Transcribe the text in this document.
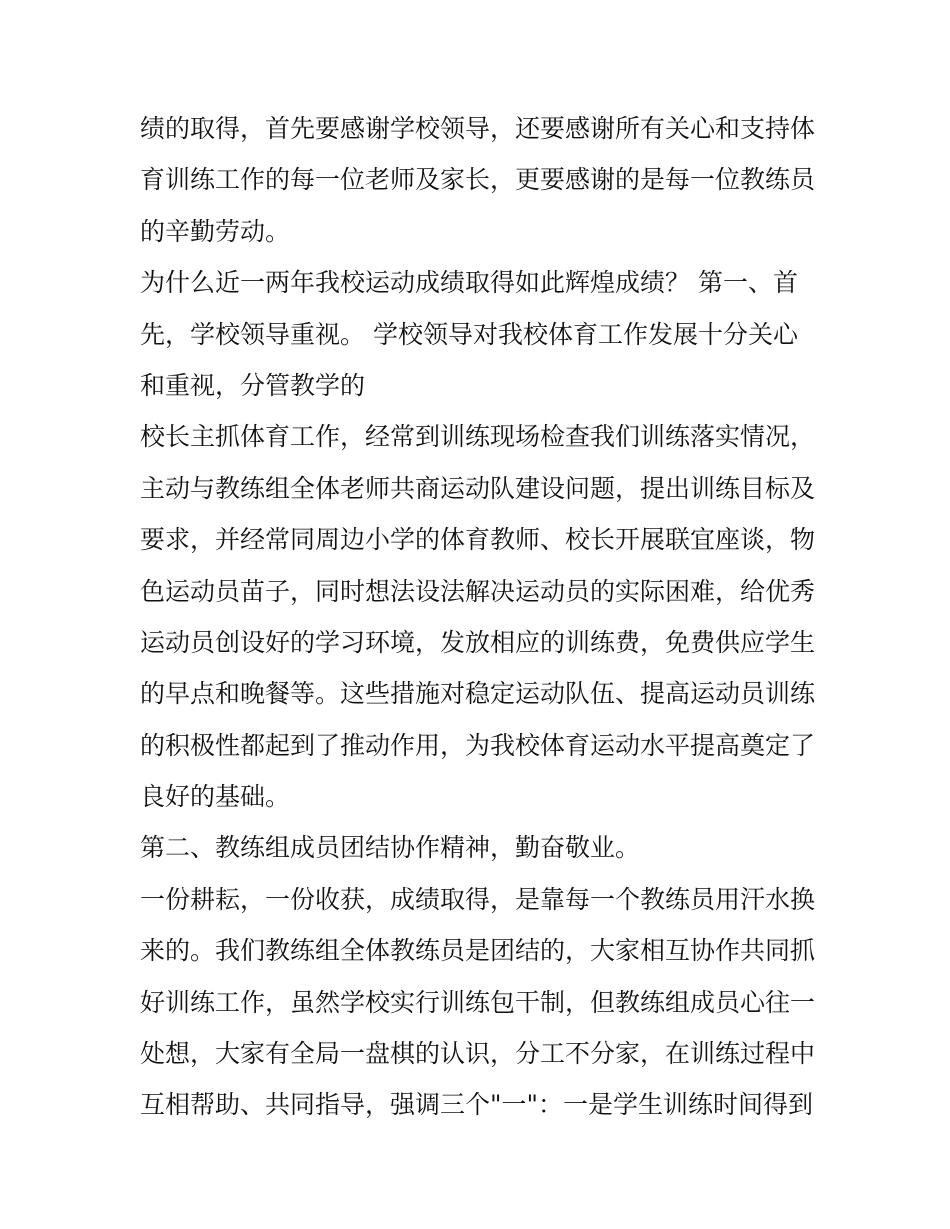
绩的取得，首先要感谢学校领导，还要感谢所有关心和支持体
育训练工作的每一位老师及家长，更要感谢的是每一位教练员
的辛勤劳动。
为什么近一两年我校运动成绩取得如此辉煌成绩？ 第一、首
先，学校领导重视。 学校领导对我校体育工作发展十分关心
和重视，分管教学的
校长主抓体育工作，经常到训练现场检查我们训练落实情况，
主动与教练组全体老师共商运动队建设问题，提出训练目标及
要求，并经常同周边小学的体育教师、校长开展联宜座谈，物
色运动员苗子，同时想法设法解决运动员的实际困难，给优秀
运动员创设好的学习环境，发放相应的训练费，免费供应学生
的早点和晚餐等。这些措施对稳定运动队伍、提高运动员训练
的积极性都起到了推动作用，为我校体育运动水平提高奠定了
良好的基础。
第二、教练组成员团结协作精神，勤奋敬业。
一份耕耘，一份收获，成绩取得，是靠每一个教练员用汗水换
来的。我们教练组全体教练员是团结的，大家相互协作共同抓
好训练工作，虽然学校实行训练包干制，但教练组成员心往一
处想，大家有全局一盘棋的认识，分工不分家，在训练过程中
互相帮助、共同指导，强调三个"一"：一是学生训练时间得到
